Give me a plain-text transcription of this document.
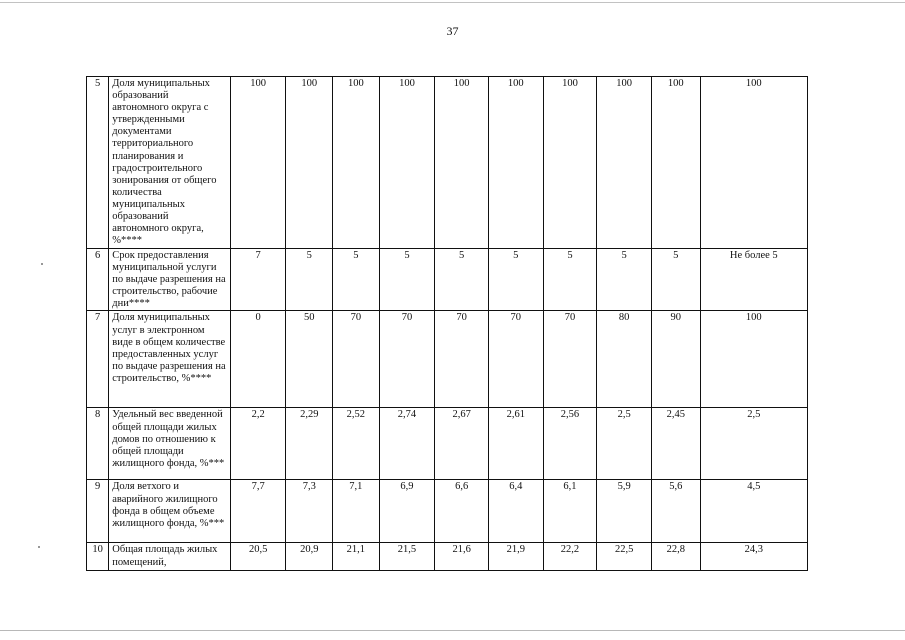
37
5	Доля муниципальных образований автономного округа с утвержденными документами территориального планирования и градостроительного зонирования от общего количества муниципальных образований автономного округа, %****	100	100	100	100	100	100	100	100	100	100
6	Срок предоставления муниципальной услуги по выдаче разрешения на строительство, рабочие дни****	7	5	5	5	5	5	5	5	5	Не более 5
7	Доля муниципальных услуг в электронном виде в общем количестве предоставленных услуг по выдаче разрешения на строительство, %****	0	50	70	70	70	70	70	80	90	100
8	Удельный вес введенной общей площади жилых домов по отношению к общей площади жилищного фонда, %***	2,2	2,29	2,52	2,74	2,67	2,61	2,56	2,5	2,45	2,5
9	Доля ветхого и аварийного жилищного фонда в общем объеме жилищного фонда, %***	7,7	7,3	7,1	6,9	6,6	6,4	6,1	5,9	5,6	4,5
10	Общая площадь жилых помещений,	20,5	20,9	21,1	21,5	21,6	21,9	22,2	22,5	22,8	24,3
